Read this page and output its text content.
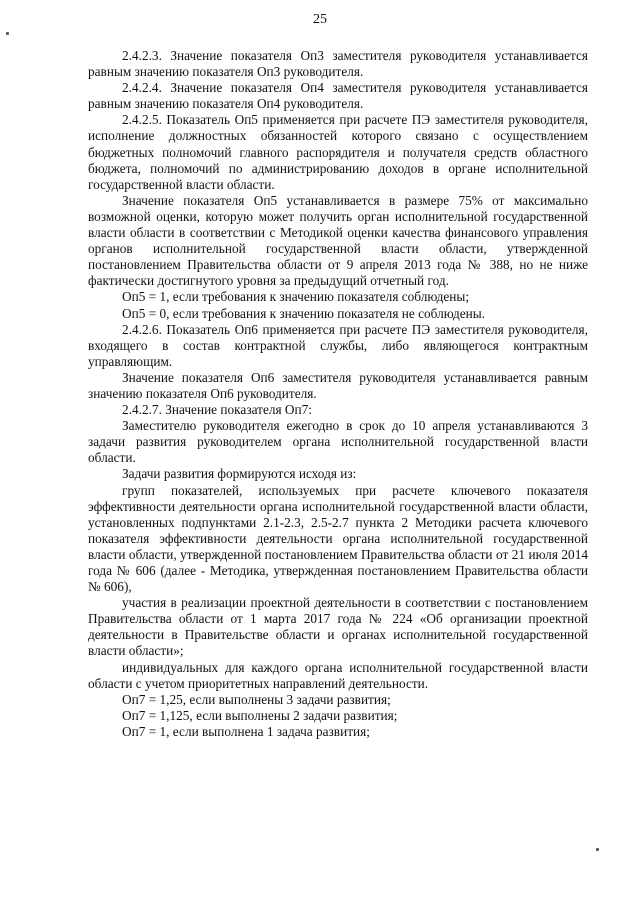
25

2.4.2.3. Значение показателя Оп3 заместителя руководителя устанавливается равным значению показателя Оп3 руководителя.

2.4.2.4. Значение показателя Оп4 заместителя руководителя устанавливается равным значению показателя Оп4 руководителя.

2.4.2.5. Показатель Оп5 применяется при расчете ПЭ заместителя руководителя, исполнение должностных обязанностей которого связано с осуществлением бюджетных полномочий главного распорядителя и получателя средств областного бюджета, полномочий по администрированию доходов в органе исполнительной государственной власти области.

Значение показателя Оп5 устанавливается в размере 75% от максимально возможной оценки, которую может получить орган исполнительной государственной власти области в соответствии с Методикой оценки качества финансового управления органов исполнительной государственной власти области, утвержденной постановлением Правительства области от 9 апреля 2013 года № 388, но не ниже фактически достигнутого уровня за предыдущий отчетный год.

Оп5 = 1, если требования к значению показателя соблюдены;

Оп5 = 0, если требования к значению показателя не соблюдены.

2.4.2.6. Показатель Оп6 применяется при расчете ПЭ заместителя руководителя, входящего в состав контрактной службы, либо являющегося контрактным управляющим.

Значение показателя Оп6 заместителя руководителя устанавливается равным значению показателя Оп6 руководителя.

2.4.2.7. Значение показателя Оп7:

Заместителю руководителя ежегодно в срок до 10 апреля устанавливаются 3 задачи развития руководителем органа исполнительной государственной власти области.

Задачи развития формируются исходя из:

групп показателей, используемых при расчете ключевого показателя эффективности деятельности органа исполнительной государственной власти области, установленных подпунктами 2.1-2.3, 2.5-2.7 пункта 2 Методики расчета ключевого показателя эффективности деятельности органа исполнительной государственной власти области, утвержденной постановлением Правительства области от 21 июля 2014 года № 606 (далее - Методика, утвержденная постановлением Правительства области № 606),

участия в реализации проектной деятельности в соответствии с постановлением Правительства области от 1 марта 2017 года № 224 «Об организации проектной деятельности в Правительстве области и органах исполнительной государственной власти области»;

индивидуальных для каждого органа исполнительной государственной власти области с учетом приоритетных направлений деятельности.

Оп7 = 1,25, если выполнены 3 задачи развития;

Оп7 = 1,125, если выполнены 2 задачи развития;

Оп7 = 1, если выполнена 1 задача развития;
